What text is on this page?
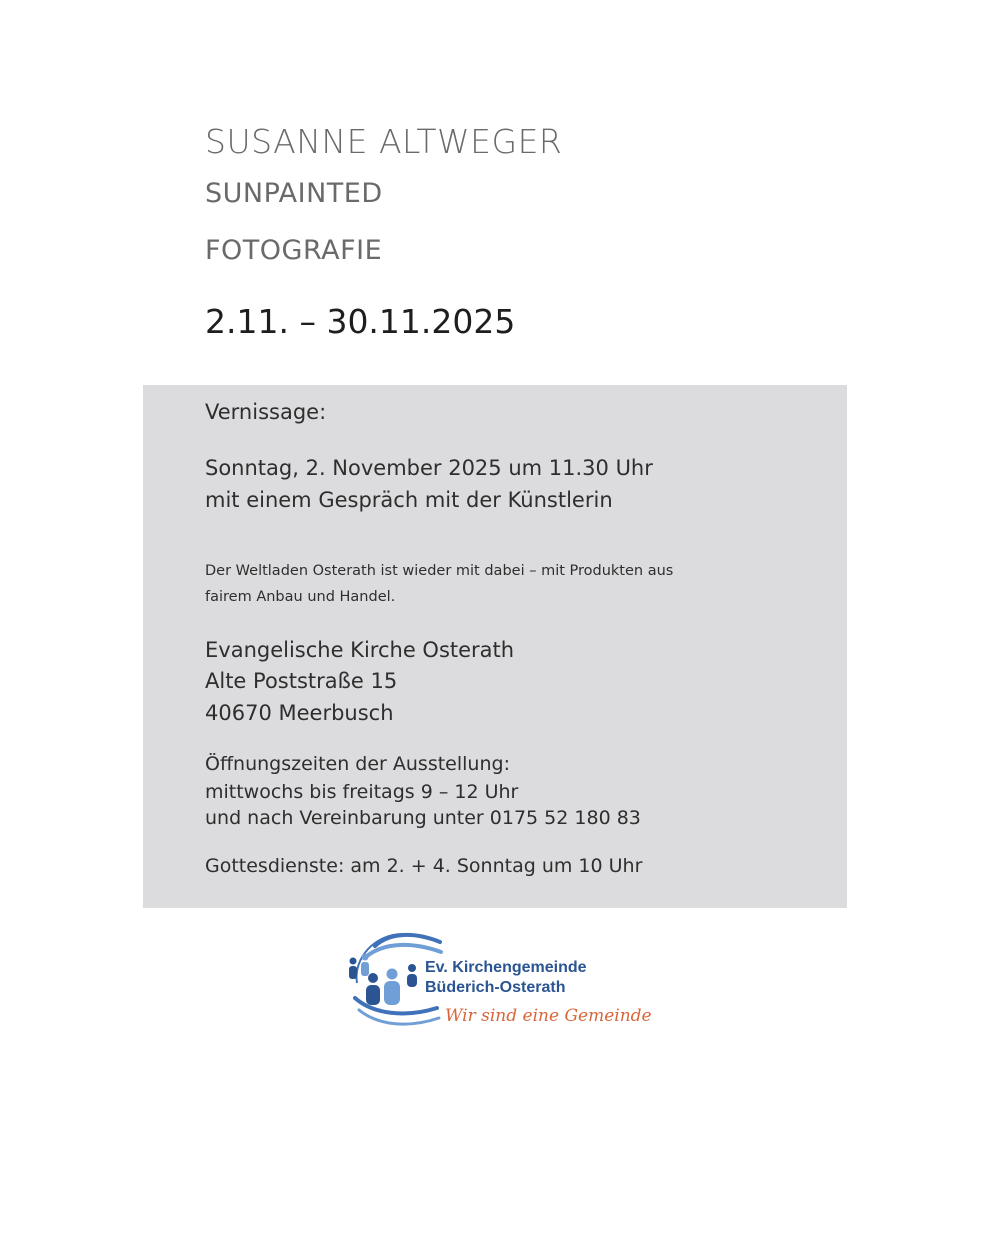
SUSANNE ALTWEGER
SUNPAINTED
FOTOGRAFIE
2.11. – 30.11.2025
Vernissage:
Sonntag, 2. November 2025 um 11.30 Uhr
mit einem Gespräch mit der Künstlerin
Der Weltladen Osterath ist wieder mit dabei – mit Produkten aus
fairem Anbau und Handel.
Evangelische Kirche Osterath
Alte Poststraße 15
40670 Meerbusch
Öffnungszeiten der Ausstellung:
mittwochs bis freitags 9 – 12 Uhr
und nach Vereinbarung unter 0175 52 180 83
Gottesdienste: am 2. + 4. Sonntag um 10 Uhr
Ev. Kirchengemeinde
Büderich-Osterath
Wir sind eine Gemeinde
